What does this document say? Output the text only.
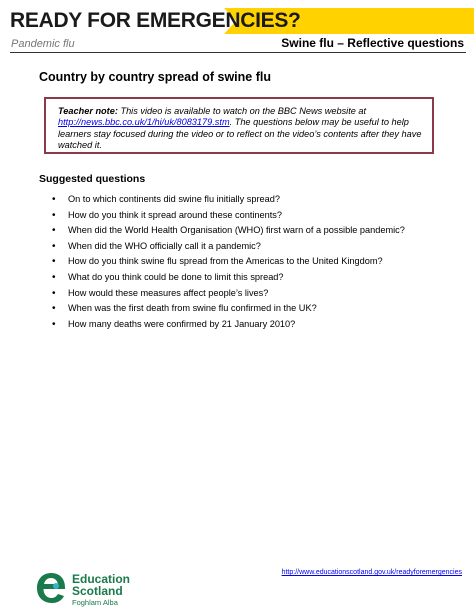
READY FOR EMERGENCIES?
Pandemic flu	Swine flu – Reflective questions
Country by country spread of swine flu
Teacher note: This video is available to watch on the BBC News website at http://news.bbc.co.uk/1/hi/uk/8083179.stm. The questions below may be useful to help learners stay focused during the video or to reflect on the video’s contents after they have watched it.
Suggested questions
• On to which continents did swine flu initially spread?
• How do you think it spread around these continents?
• When did the World Health Organisation (WHO) first warn of a possible pandemic?
• When did the WHO officially call it a pandemic?
• How do you think swine flu spread from the Americas to the United Kingdom?
• What do you think could be done to limit this spread?
• How would these measures affect people’s lives?
• When was the first death from swine flu confirmed in the UK?
• How many deaths were confirmed by 21 January 2010?
Education
Scotland
Foghlam Alba
http://www.educationscotland.gov.uk/readyforemergencies
